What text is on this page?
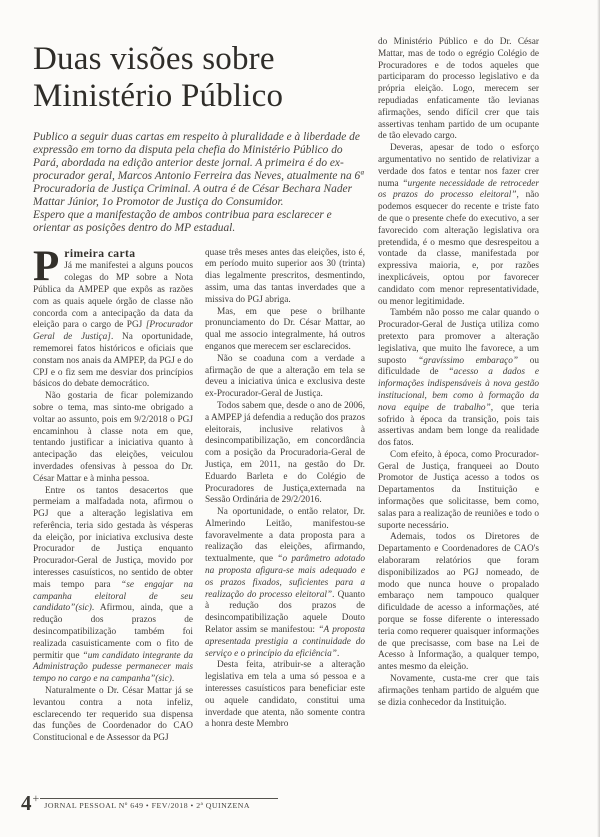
Duas visões sobre Ministério Público

Publico a seguir duas cartas em respeito à pluralidade e à liberdade de expressão em torno da disputa pela chefia do Ministério Público do Pará, abordada na edição anterior deste jornal. A primeira é do ex-procurador geral, Marcos Antonio Ferreira das Neves, atualmente na 6ª Procuradoria de Justiça Criminal. A outra é de César Bechara Nader Mattar Júnior, 1o Promotor de Justiça do Consumidor.

Espero que a manifestação de ambos contribua para esclarecer e orientar as posições dentro do MP estadual.

P rimeira carta
Já me manifestei a alguns poucos colegas do MP sobre a Nota Pública da AMPEP que expôs as razões com as quais aquele órgão de classe não concorda com a antecipação da data da eleição para o cargo de PGJ [Procurador Geral de Justiça]. Na oportunidade, rememorei fatos históricos e oficiais que constam nos anais da AMPEP, da PGJ e do CPJ e o fiz sem me desviar dos princípios básicos do debate democrático.

Não gostaria de ficar polemizando sobre o tema, mas sinto-me obrigado a voltar ao assunto, pois em 9/2/2018 o PGJ encaminhou à classe nota em que, tentando justificar a iniciativa quanto à antecipação das eleições, veiculou inverdades ofensivas à pessoa do Dr. César Mattar e à minha pessoa.

Entre os tantos desacertos que permeiam a malfadada nota, afirmou o PGJ que a alteração legislativa em referência, teria sido gestada às vésperas da eleição, por iniciativa exclusiva deste Procurador de Justiça enquanto Procurador-Geral de Justiça, movido por interesses casuísticos, no sentido de obter mais tempo para “se engajar na campanha eleitoral de seu candidato”(sic). Afirmou, ainda, que a redução dos prazos de desincompatibilização também foi realizada casuisticamente com o fito de permitir que “um candidato integrante da Administração pudesse permanecer mais tempo no cargo e na campanha”(sic).

Naturalmente o Dr. César Mattar já se levantou contra a nota infeliz, esclarecendo ter requerido sua dispensa das funções de Coordenador do CAO Constitucional e de Assessor da PGJ

quase três meses antes das eleições, isto é, em período muito superior aos 30 (trinta) dias legalmente prescritos, desmentindo, assim, uma das tantas inverdades que a missiva do PGJ abriga.

Mas, em que pese o brilhante pronunciamento do Dr. César Mattar, ao qual me associo integralmente, há outros enganos que merecem ser esclarecidos.

Não se coaduna com a verdade a afirmação de que a alteração em tela se deveu a iniciativa única e exclusiva deste ex-Procurador-Geral de Justiça.

Todos sabem que, desde o ano de 2006, a AMPEP já defendia a redução dos prazos eleitorais, inclusive relativos à desincompatibilização, em concordância com a posição da Procuradoria-Geral de Justiça, em 2011, na gestão do Dr. Eduardo Barleta e do Colégio de Procuradores de Justiça,externada na Sessão Ordinária de 29/2/2016.

Na oportunidade, o então relator, Dr. Almerindo Leitão, manifestou-se favoravelmente a data proposta para a realização das eleições, afirmando, textualmente, que “o parâmetro adotado na proposta afigura-se mais adequado e os prazos fixados, suficientes para a realização do processo eleitoral”. Quanto à redução dos prazos de desincompatibilização aquele Douto Relator assim se manifestou: “A proposta apresentada prestigia a continuidade do serviço e o princípio da eficiência”.

Desta feita, atribuir-se a alteração legislativa em tela a uma só pessoa e a interesses casuísticos para beneficiar este ou aquele candidato, constitui uma inverdade que atenta, não somente contra a honra deste Membro

do Ministério Público e do Dr. César Mattar, mas de todo o egrégio Colégio de Procuradores e de todos aqueles que participaram do processo legislativo e da própria eleição. Logo, merecem ser repudiadas enfaticamente tão levianas afirmações, sendo difícil crer que tais assertivas tenham partido de um ocupante de tão elevado cargo.

Deveras, apesar de todo o esforço argumentativo no sentido de relativizar a verdade dos fatos e tentar nos fazer crer numa “urgente necessidade de retroceder os prazos do processo eleitoral”, não podemos esquecer do recente e triste fato de que o presente chefe do executivo, a ser favorecido com alteração legislativa ora pretendida, é o mesmo que desrespeitou a vontade da classe, manifestada por expressiva maioria, e, por razões inexplicáveis, optou por favorecer candidato com menor representatividade, ou menor legitimidade.

Também não posso me calar quando o Procurador-Geral de Justiça utiliza como pretexto para promover a alteração legislativa, que muito lhe favorece, a um suposto “gravíssimo embaraço” ou dificuldade de “acesso a dados e informações indispensáveis à nova gestão institucional, bem como à formação da nova equipe de trabalho”, que teria sofrido à época da transição, pois tais assertivas andam bem longe da realidade dos fatos.

Com efeito, à época, como Procurador-Geral de Justiça, franqueei ao Douto Promotor de Justiça acesso a todos os Departamentos da Instituição e informações que solicitasse, bem como, salas para a realização de reuniões e todo o suporte necessário.

Ademais, todos os Diretores de Departamento e Coordenadores de CAO's elaboraram relatórios que foram disponibilizados ao PGJ nomeado, de modo que nunca houve o propalado embaraço nem tampouco qualquer dificuldade de acesso a informações, até porque se fosse diferente o interessado teria como requerer quaisquer informações de que precisasse, com base na Lei de Acesso à Informação, a qualquer tempo, antes mesmo da eleição.

Novamente, custa-me crer que tais afirmações tenham partido de alguém que se dizia conhecedor da Instituição.

4 +
JORNAL PESSOAL Nº 649 • FEV/2018 • 2ª QUINZENA
